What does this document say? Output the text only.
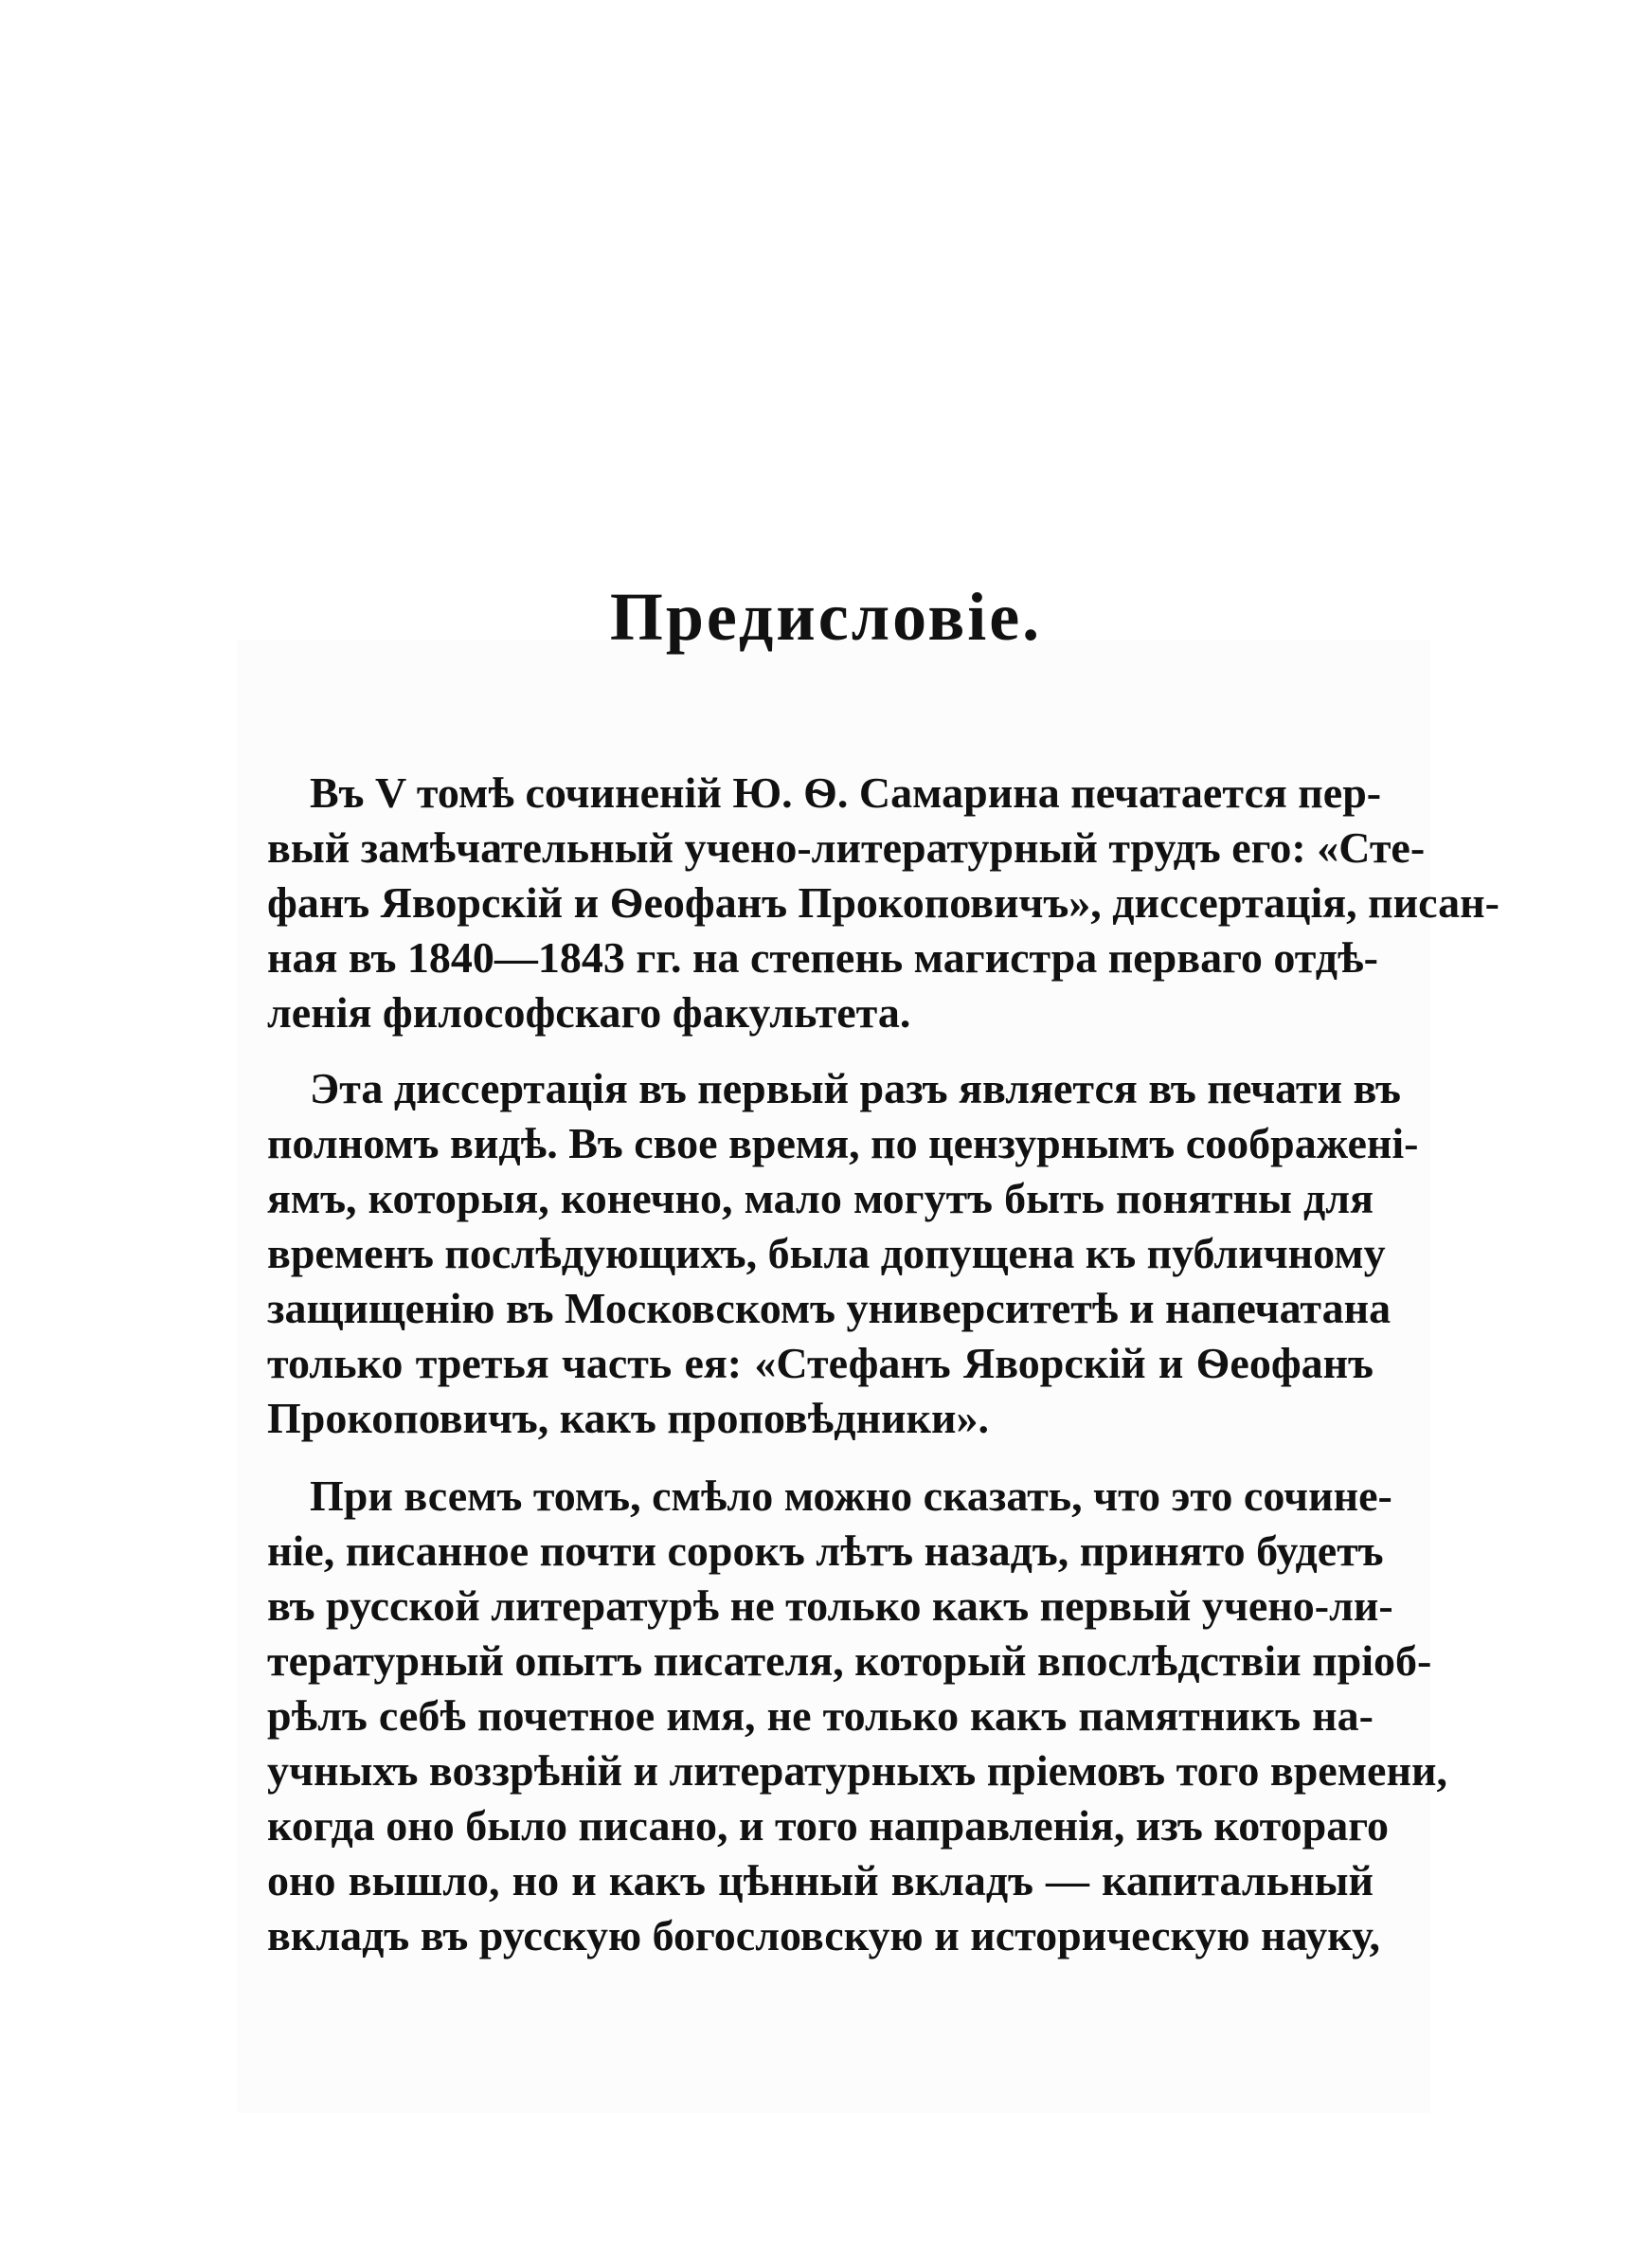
Предисловіе.
Въ V томѣ сочиненій Ю. Ѳ. Самарина печатается пер-
вый замѣчательный учено-литературный трудъ его: «Сте-
фанъ Яворскій и Ѳеофанъ Прокоповичъ», диссертація, писан-
ная въ 1840—1843 гг. на степень магистра перваго отдѣ-
ленія философскаго факультета.
Эта диссертація въ первый разъ является въ печати въ
полномъ видѣ. Въ свое время, по цензурнымъ соображені-
ямъ, которыя, конечно, мало могутъ быть понятны для
временъ послѣдующихъ, была допущена къ публичному
защищенію въ Московскомъ университетѣ и напечатана
только третья часть ея: «Стефанъ Яворскій и Ѳеофанъ
Прокоповичъ, какъ проповѣдники».
При всемъ томъ, смѣло можно сказать, что это сочине-
ніе, писанное почти сорокъ лѣтъ назадъ, принято будетъ
въ русской литературѣ не только какъ первый учено-ли-
тературный опытъ писателя, который впослѣдствіи пріоб-
рѣлъ себѣ почетное имя, не только какъ памятникъ на-
учныхъ воззрѣній и литературныхъ пріемовъ того времени,
когда оно было писано, и того направленія, изъ котораго
оно вышло, но и какъ цѣнный вкладъ — капитальный
вкладъ въ русскую богословскую и историческую науку,
